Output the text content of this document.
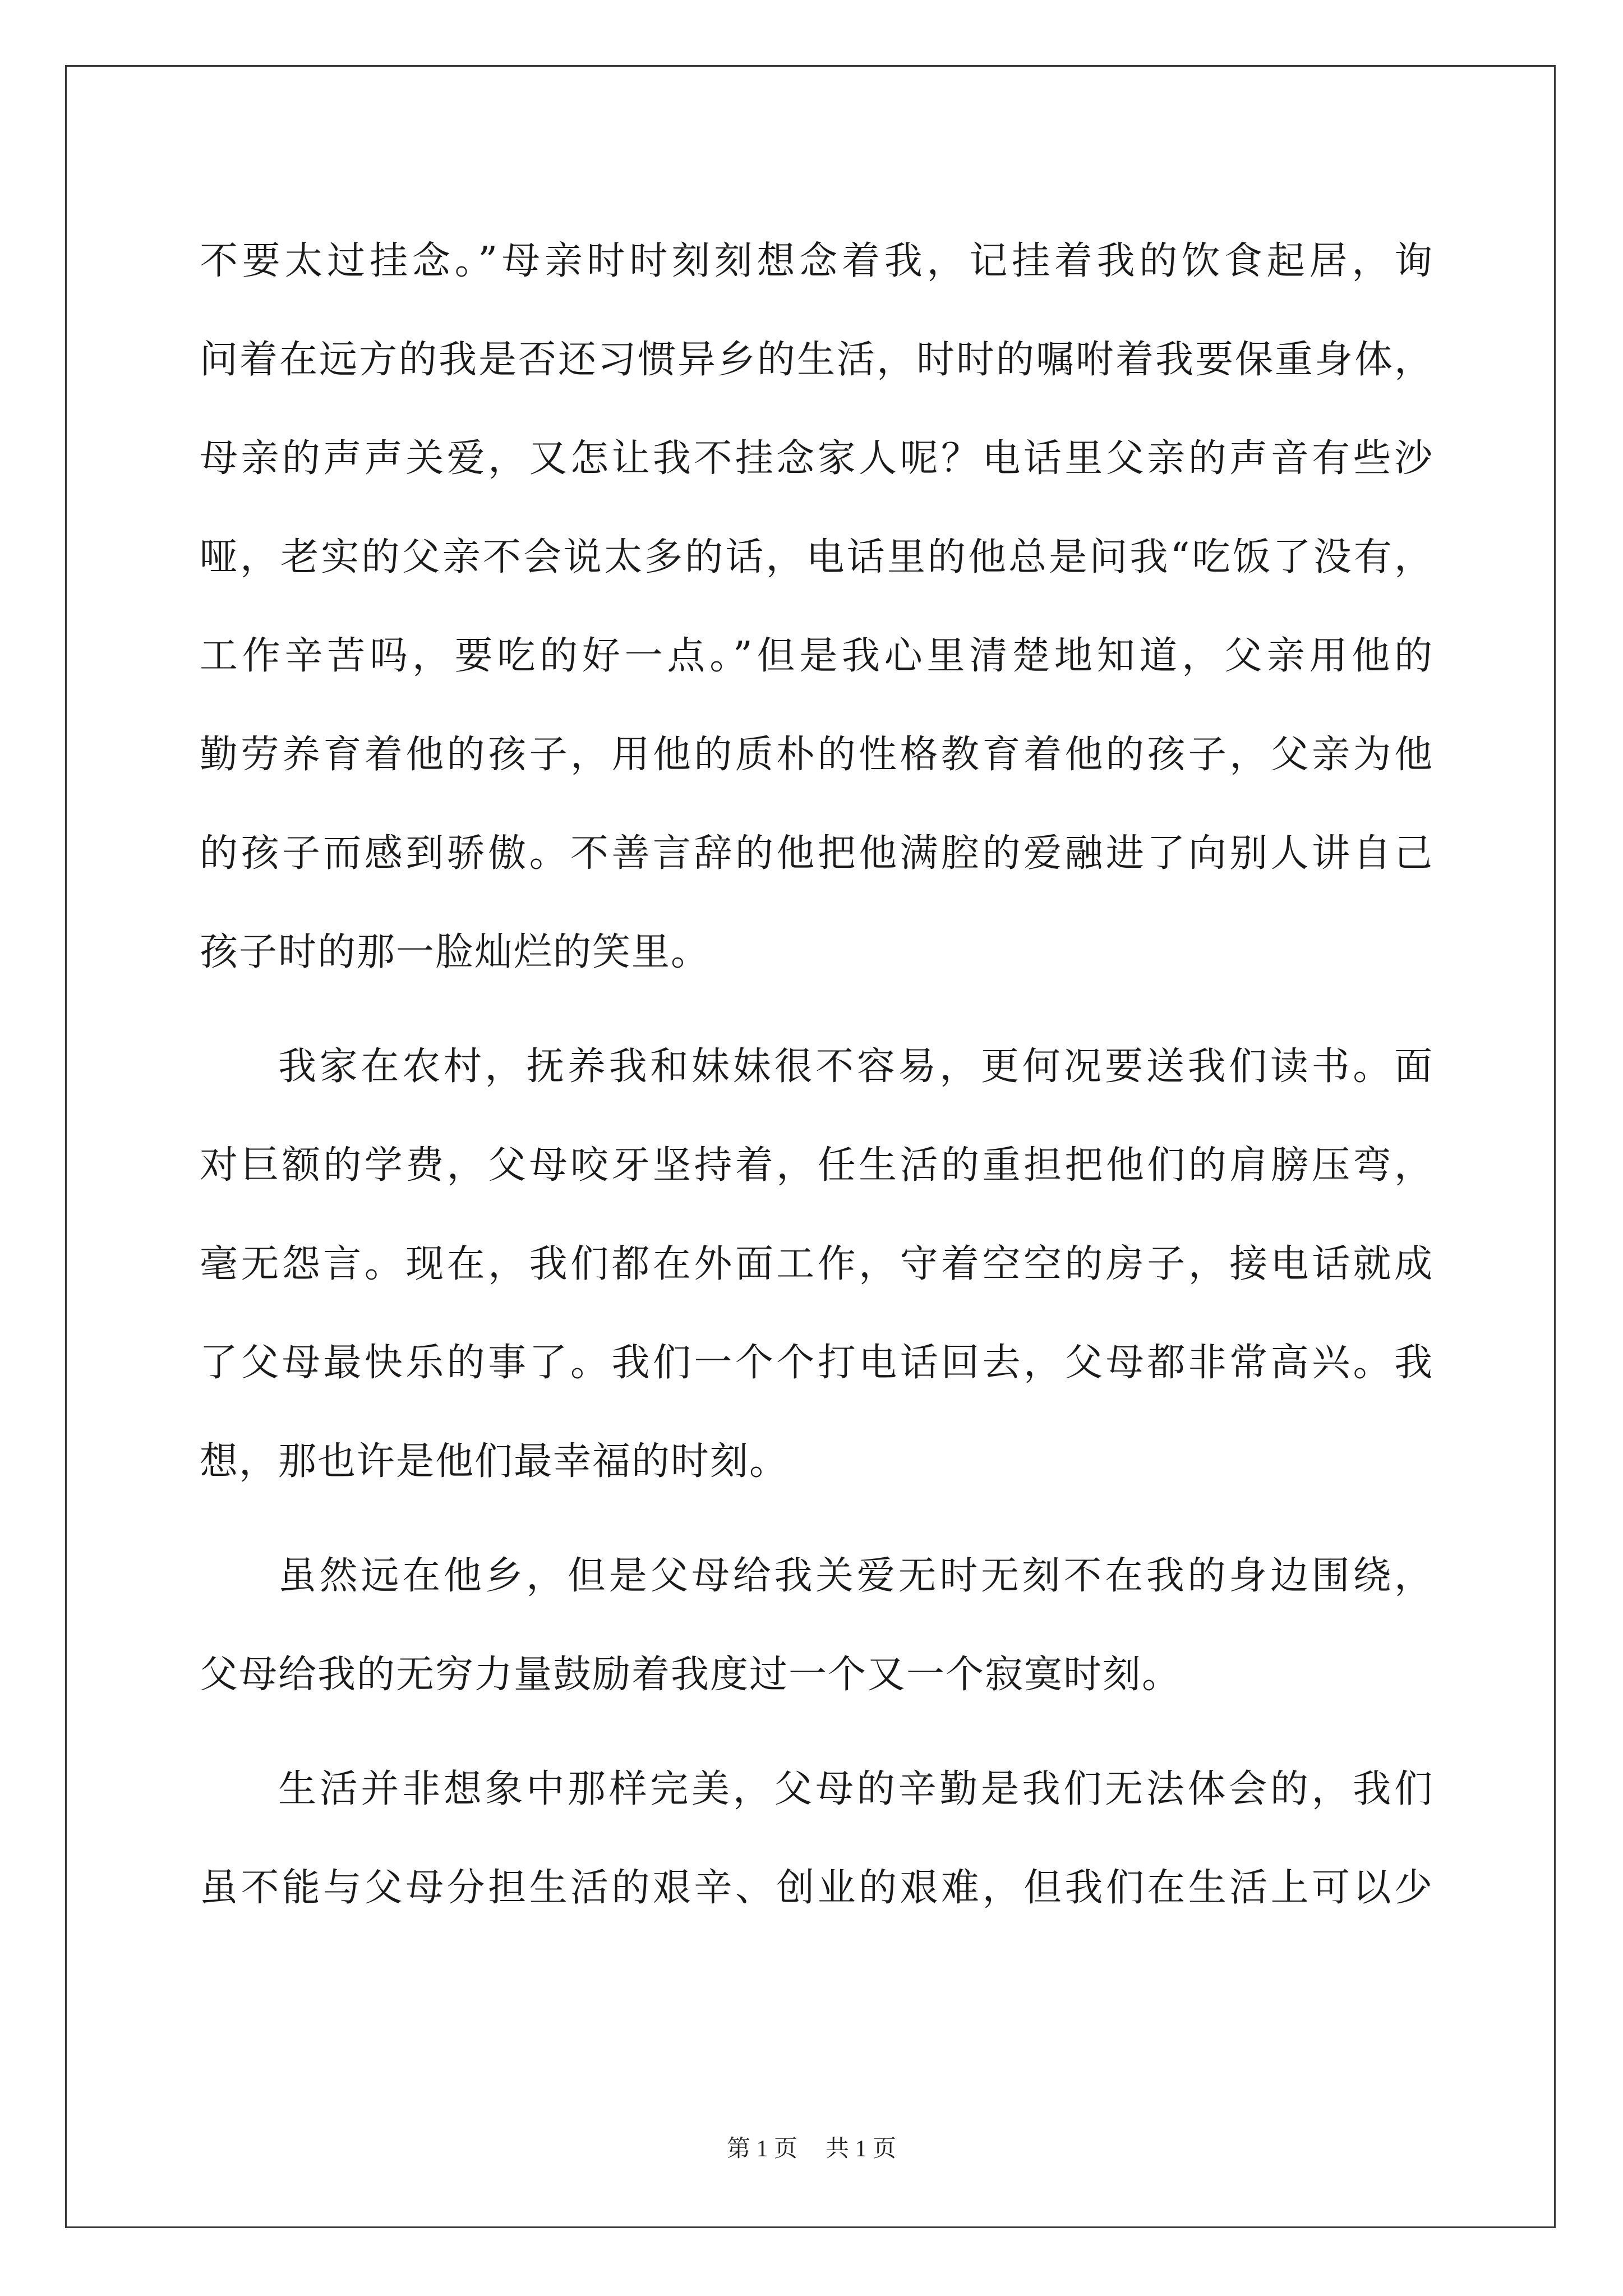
不要太过挂念。”母亲时时刻刻想念着我，记挂着我的饮食起居，询
问着在远方的我是否还习惯异乡的生活，时时的嘱咐着我要保重身体，
母亲的声声关爱，又怎让我不挂念家人呢？电话里父亲的声音有些沙
哑，老实的父亲不会说太多的话，电话里的他总是问我“吃饭了没有，
工作辛苦吗，要吃的好一点。”但是我心里清楚地知道，父亲用他的
勤劳养育着他的孩子，用他的质朴的性格教育着他的孩子，父亲为他
的孩子而感到骄傲。不善言辞的他把他满腔的爱融进了向别人讲自己
孩子时的那一脸灿烂的笑里。
我家在农村，抚养我和妹妹很不容易，更何况要送我们读书。面
对巨额的学费，父母咬牙坚持着，任生活的重担把他们的肩膀压弯，
毫无怨言。现在，我们都在外面工作，守着空空的房子，接电话就成
了父母最快乐的事了。我们一个个打电话回去，父母都非常高兴。我
想，那也许是他们最幸福的时刻。
虽然远在他乡，但是父母给我关爱无时无刻不在我的身边围绕，
父母给我的无穷力量鼓励着我度过一个又一个寂寞时刻。
生活并非想象中那样完美，父母的辛勤是我们无法体会的，我们
虽不能与父母分担生活的艰辛、创业的艰难，但我们在生活上可以少
第 1 页 共 1 页
